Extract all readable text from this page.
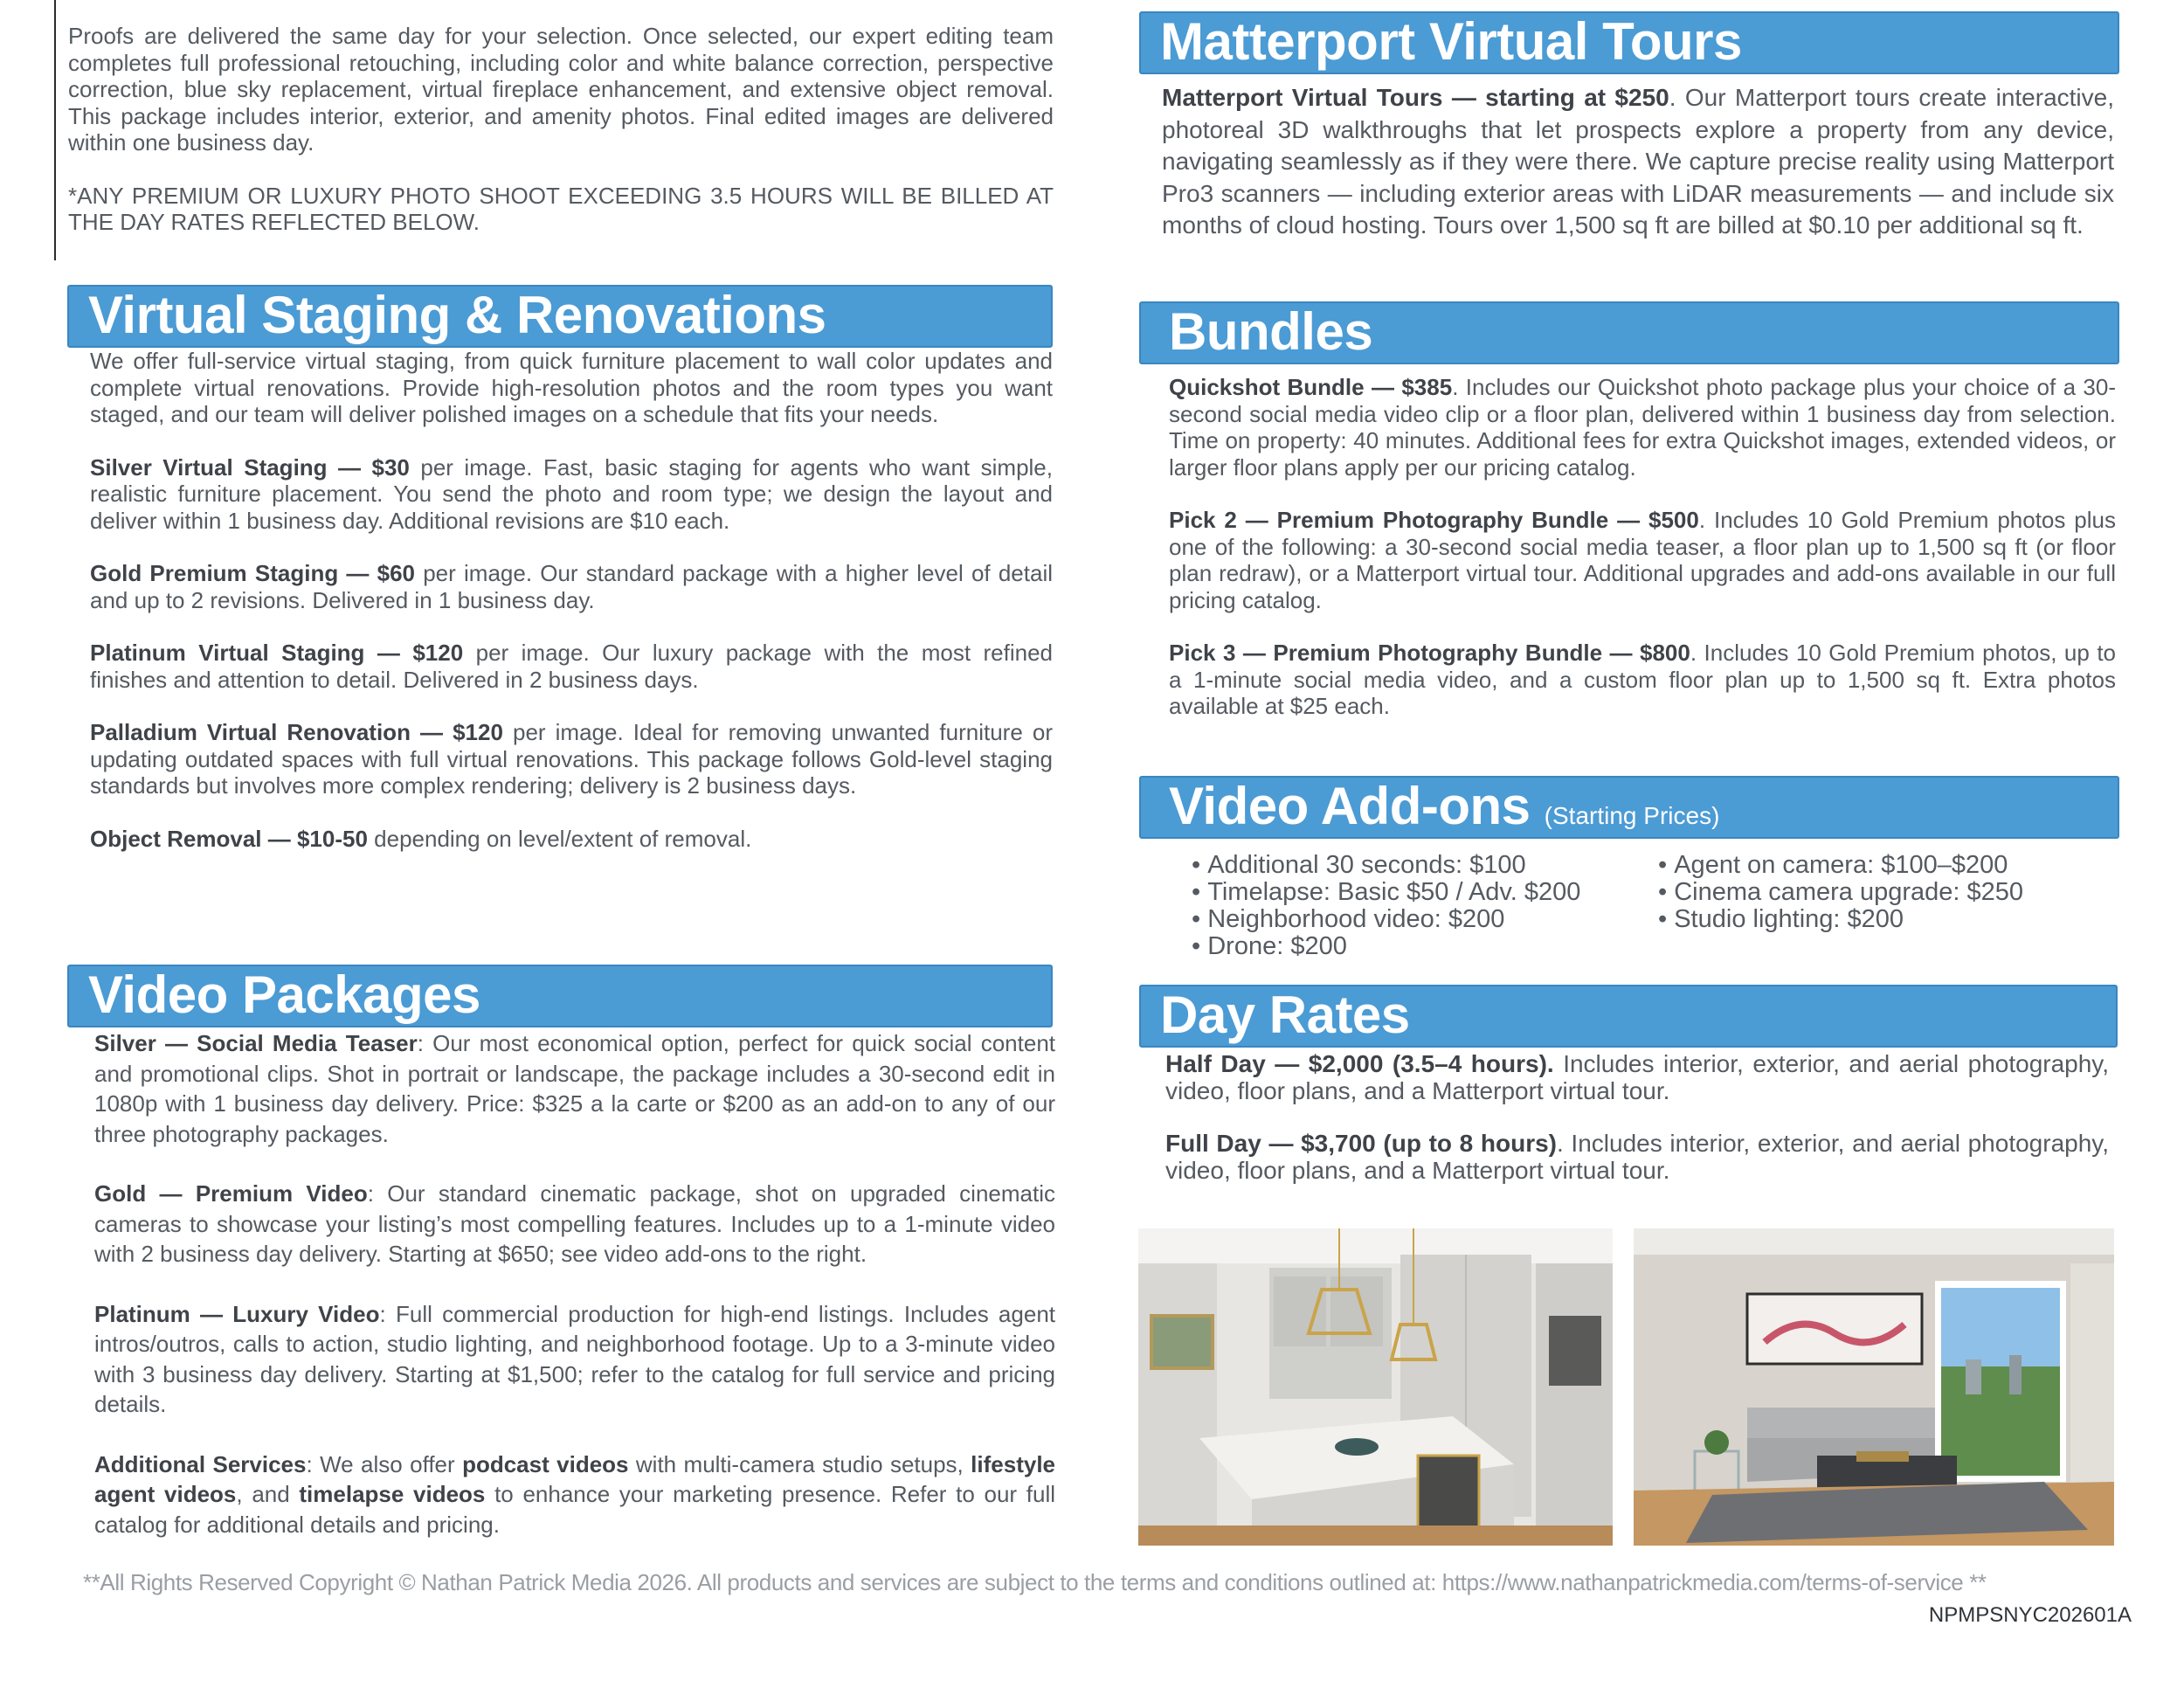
Proofs are delivered the same day for your selection. Once selected, our expert editing team completes full professional retouching, including color and white balance correction, perspective correction, blue sky replacement, virtual fireplace enhancement, and extensive object removal. This package includes interior, exterior, and amenity photos. Final edited images are delivered within one business day.

*ANY PREMIUM OR LUXURY PHOTO SHOOT EXCEEDING 3.5 HOURS WILL BE BILLED AT THE DAY RATES REFLECTED BELOW.

Virtual Staging & Renovations

We offer full-service virtual staging, from quick furniture placement to wall color updates and complete virtual renovations. Provide high-resolution photos and the room types you want staged, and our team will deliver polished images on a schedule that fits your needs.

Silver Virtual Staging — $30 per image. Fast, basic staging for agents who want simple, realistic furniture placement. You send the photo and room type; we design the layout and deliver within 1 business day. Additional revisions are $10 each.

Gold Premium Staging — $60 per image. Our standard package with a higher level of detail and up to 2 revisions. Delivered in 1 business day.

Platinum Virtual Staging — $120 per image. Our luxury package with the most refined finishes and attention to detail. Delivered in 2 business days.

Palladium Virtual Renovation — $120 per image. Ideal for removing unwanted furniture or updating outdated spaces with full virtual renovations. This package follows Gold-level staging standards but involves more complex rendering; delivery is 2 business days.

Object Removal — $10-50 depending on level/extent of removal.

Video Packages

Silver — Social Media Teaser: Our most economical option, perfect for quick social content and promotional clips. Shot in portrait or landscape, the package includes a 30-second edit in 1080p with 1 business day delivery. Price: $325 a la carte or $200 as an add-on to any of our three photography packages.

Gold — Premium Video: Our standard cinematic package, shot on upgraded cinematic cameras to showcase your listing’s most compelling features. Includes up to a 1-minute video with 2 business day delivery. Starting at $650; see video add-ons to the right.

Platinum — Luxury Video: Full commercial production for high-end listings. Includes agent intros/outros, calls to action, studio lighting, and neighborhood footage. Up to a 3-minute video with 3 business day delivery. Starting at $1,500; refer to the catalog for full service and pricing details.

Additional Services: We also offer podcast videos with multi-camera studio setups, lifestyle agent videos, and timelapse videos to enhance your marketing presence. Refer to our full catalog for additional details and pricing.

Matterport Virtual Tours

Matterport Virtual Tours — starting at $250. Our Matterport tours create interactive, photoreal 3D walkthroughs that let prospects explore a property from any device, navigating seamlessly as if they were there. We capture precise reality using Matterport Pro3 scanners — including exterior areas with LiDAR measurements — and include six months of cloud hosting. Tours over 1,500 sq ft are billed at $0.10 per additional sq ft.

Bundles

Quickshot Bundle — $385. Includes our Quickshot photo package plus your choice of a 30-second social media video clip or a floor plan, delivered within 1 business day from selection. Time on property: 40 minutes. Additional fees for extra Quickshot images, extended videos, or larger floor plans apply per our pricing catalog.

Pick 2 — Premium Photography Bundle — $500. Includes 10 Gold Premium photos plus one of the following: a 30-second social media teaser, a floor plan up to 1,500 sq ft (or floor plan redraw), or a Matterport virtual tour. Additional upgrades and add-ons available in our full pricing catalog.

Pick 3 — Premium Photography Bundle — $800. Includes 10 Gold Premium photos, up to a 1-minute social media video, and a custom floor plan up to 1,500 sq ft. Extra photos available at $25 each.

Video Add-ons (Starting Prices)
• Additional 30 seconds: $100
• Timelapse: Basic $50 / Adv. $200
• Neighborhood video: $200
• Drone: $200
• Agent on camera: $100–$200
• Cinema camera upgrade: $250
• Studio lighting: $200
Day Rates

Half Day — $2,000 (3.5–4 hours). Includes interior, exterior, and aerial photography, video, floor plans, and a Matterport virtual tour.

Full Day — $3,700 (up to 8 hours). Includes interior, exterior, and aerial photography, video, floor plans, and a Matterport virtual tour.

**All Rights Reserved Copyright © Nathan Patrick Media 2026. All products and services are subject to the terms and conditions outlined at: https://www.nathanpatrickmedia.com/terms-of-service **
NPMPSNYC202601A
